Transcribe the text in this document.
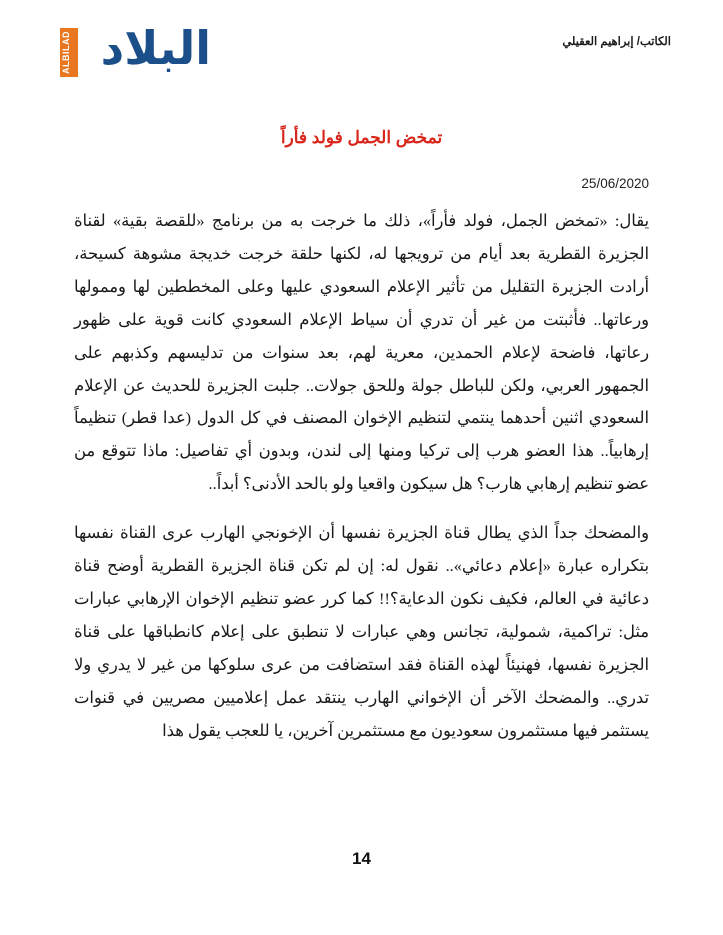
البلاد
ALBILAD	الكاتب/ إبراهيم العقيلي
تمخض الجمل فولد فأراً
25/06/2020

يقال: «تمخض الجمل، فولد فأراً»، ذلك ما خرجت به من برنامج «للقصة بقية» لقناة الجزيرة القطرية بعد أيام من ترويجها له، لكنها حلقة خرجت خديجة مشوهة كسيحة، أرادت الجزيرة التقليل من تأثير الإعلام السعودي عليها وعلى المخططين لها وممولها ورعاتها.. فأثبتت من غير أن تدري أن سياط الإعلام السعودي كانت قوية على ظهور رعاتها، فاضحة لإعلام الحمدين، معرية لهم، بعد سنوات من تدليسهم وكذبهم على الجمهور العربي، ولكن للباطل جولة وللحق جولات.. جلبت الجزيرة للحديث عن الإعلام السعودي اثنين أحدهما ينتمي لتنظيم الإخوان المصنف في كل الدول (عدا قطر) تنظيماً إرهابياً.. هذا العضو هرب إلى تركيا ومنها إلى لندن، وبدون أي تفاصيل: ماذا تتوقع من عضو تنظيم إرهابي هارب؟ هل سيكون واقعيا ولو بالحد الأدنى؟ أبداً..

والمضحك جداً الذي يطال قناة الجزيرة نفسها أن الإخونجي الهارب عرى القناة نفسها بتكراره عبارة «إعلام دعائي».. نقول له: إن لم تكن قناة الجزيرة القطرية أوضح قناة دعائية في العالم، فكيف نكون الدعاية؟!! كما كرر عضو تنظيم الإخوان الإرهابي عبارات مثل: تراكمية، شمولية، تجانس وهي عبارات لا تنطبق على إعلام كانطباقها على قناة الجزيرة نفسها، فهنيئاً لهذه القناة فقد استضافت من عرى سلوكها من غير لا يدري ولا تدري.. والمضحك الآخر أن الإخواني الهارب ينتقد عمل إعلاميين مصريين في قنوات يستثمر فيها مستثمرون سعوديون مع مستثمرين آخرين، يا للعجب يقول هذا

14
